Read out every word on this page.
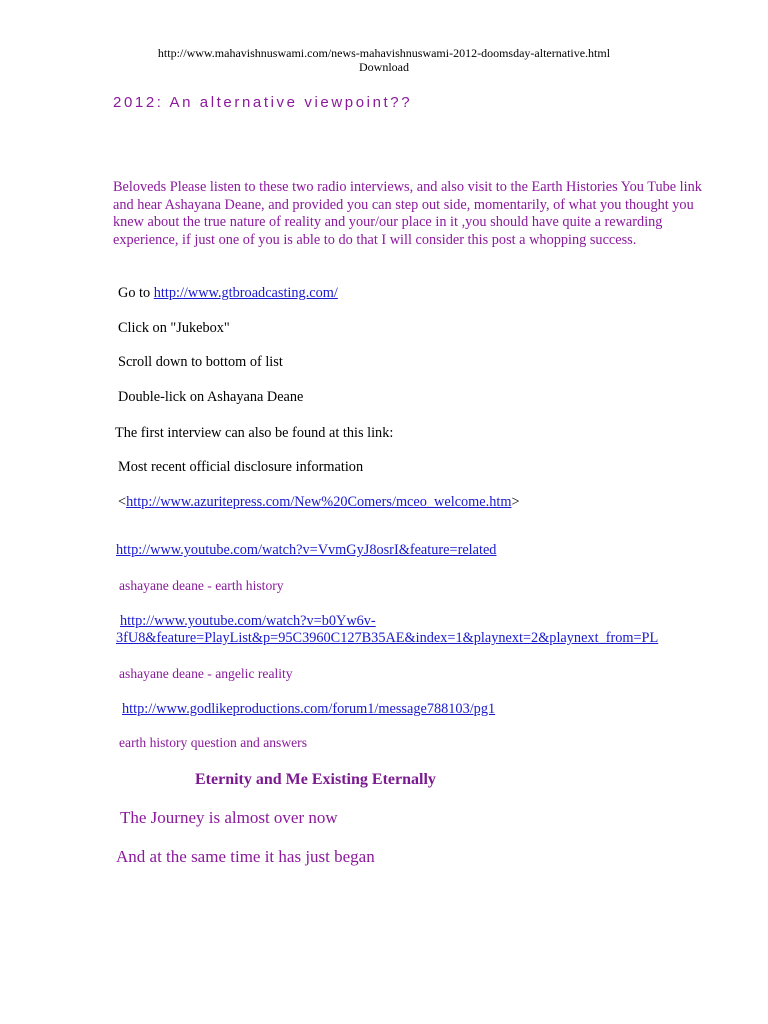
http://www.mahavishnuswami.com/news-mahavishnuswami-2012-doomsday-alternative.html
Download
2012: An alternative viewpoint??
Beloveds Please listen to these two radio interviews, and also visit to the Earth Histories You Tube link and hear Ashayana Deane, and provided you can step out side, momentarily, of what you thought you knew about the true nature of reality and your/our place in it ,you should have quite a rewarding experience, if just one of you is able to do that I will consider this post a whopping success.
Go to http://www.gtbroadcasting.com/
Click on "Jukebox"
Scroll down to bottom of list
Double-lick on Ashayana Deane
The first interview can also be found at this link:
Most recent official disclosure information
<http://www.azuritepress.com/New%20Comers/mceo_welcome.htm>
http://www.youtube.com/watch?v=VvmGyJ8osrI&feature=related
ashayane deane - earth history
http://www.youtube.com/watch?v=b0Yw6v-
3fU8&feature=PlayList&p=95C3960C127B35AE&index=1&playnext=2&playnext_from=PL
ashayane deane - angelic reality
http://www.godlikeproductions.com/forum1/message788103/pg1
earth history question and answers
Eternity and Me Existing Eternally
The Journey is almost over now
And at the same time it has just began
